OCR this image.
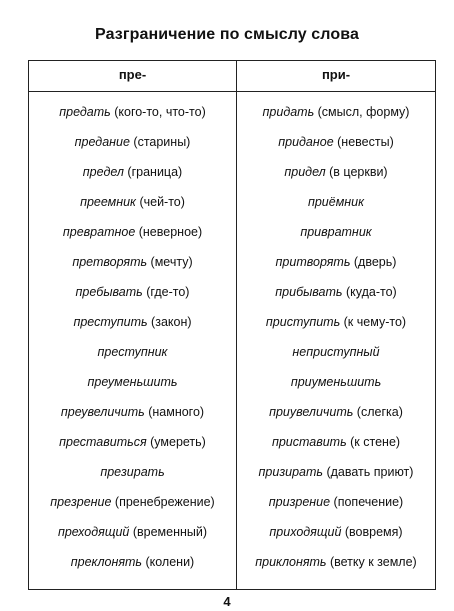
Разграничение по смыслу слова
пре-	при-
предать (кого-то, что-то)	придать (смысл, форму)
предание (старины)	приданое (невесты)
предел (граница)	придел (в церкви)
преемник (чей-то)	приёмник
превратное (неверное)	привратник
претворять (мечту)	притворять (дверь)
пребывать (где-то)	прибывать (куда-то)
преступить (закон)	приступить (к чему-то)
преступник	неприступный
преуменьшить	приуменьшить
преувеличить (намного)	приувеличить (слегка)
преставиться (умереть)	приставить (к стене)
презирать	призирать (давать приют)
презрение (пренебрежение)	призрение (попечение)
преходящий (временный)	приходящий (вовремя)
преклонять (колени)	приклонять (ветку к земле)
4
